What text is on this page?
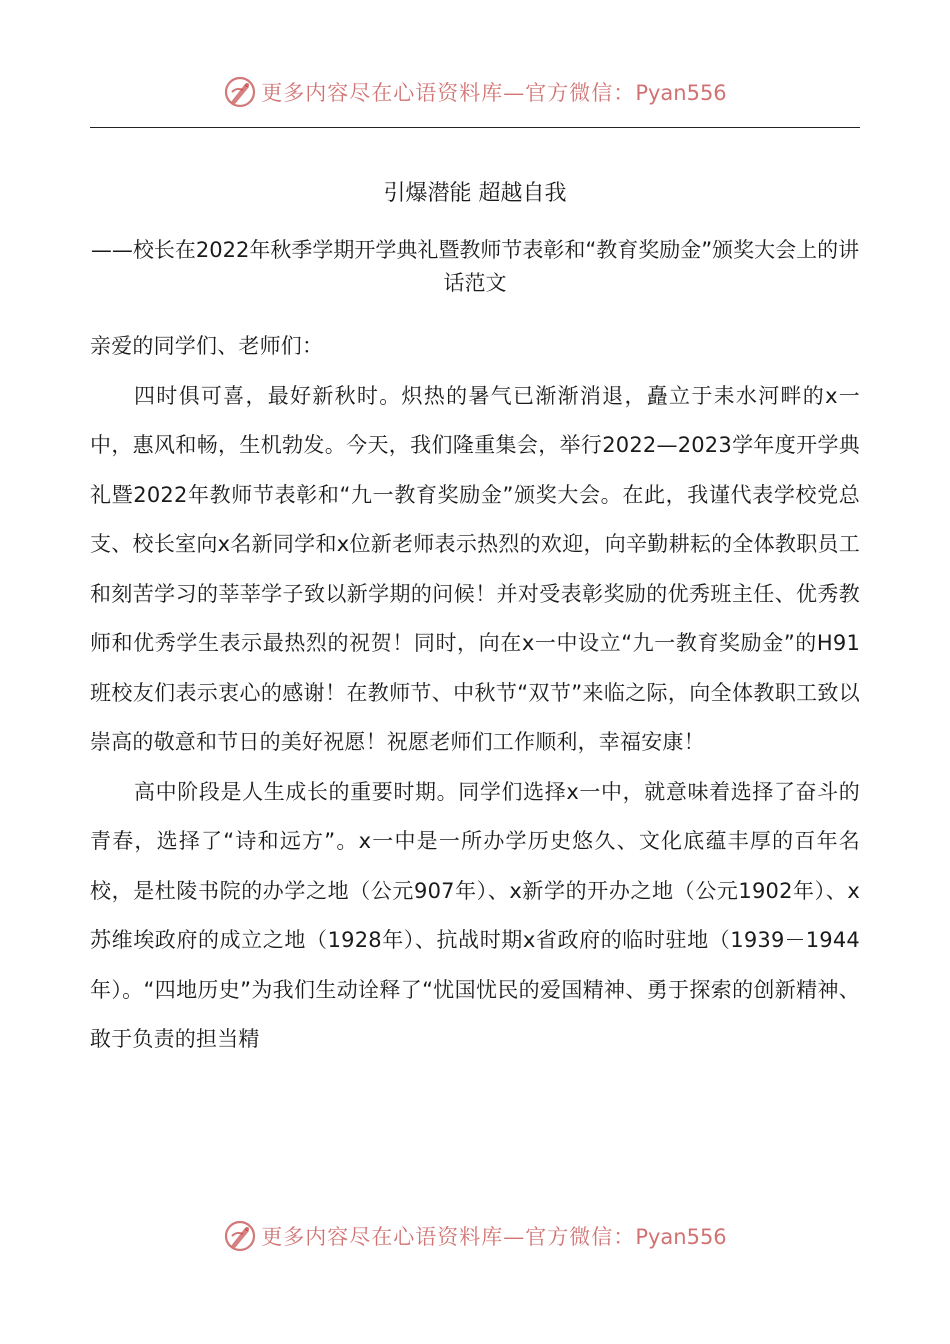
更多内容尽在心语资料库—官方微信：Pyan556
引爆潜能 超越自我
——校长在2022年秋季学期开学典礼暨教师节表彰和“教育奖励金”颁奖大会上的讲话范文

亲爱的同学们、老师们：

四时俱可喜，最好新秋时。炽热的暑气已渐渐消退，矗立于耒水河畔的x一中，惠风和畅，生机勃发。今天，我们隆重集会，举行2022—2023学年度开学典礼暨2022年教师节表彰和“九一教育奖励金”颁奖大会。在此，我谨代表学校党总支、校长室向x名新同学和x位新老师表示热烈的欢迎，向辛勤耕耘的全体教职员工和刻苦学习的莘莘学子致以新学期的问候！并对受表彰奖励的优秀班主任、优秀教师和优秀学生表示最热烈的祝贺！同时，向在x一中设立“九一教育奖励金”的H91班校友们表示衷心的感谢！在教师节、中秋节“双节”来临之际，向全体教职工致以崇高的敬意和节日的美好祝愿！祝愿老师们工作顺利，幸福安康！

高中阶段是人生成长的重要时期。同学们选择x一中，就意味着选择了奋斗的青春，选择了“诗和远方”。x一中是一所办学历史悠久、文化底蕴丰厚的百年名校，是杜陵书院的办学之地（公元907年）、x新学的开办之地（公元1902年）、x苏维埃政府的成立之地（1928年）、抗战时期x省政府的临时驻地（1939－1944年）。“四地历史”为我们生动诠释了“忧国忧民的爱国精神、勇于探索的创新精神、敢于负责的担当精

更多内容尽在心语资料库—官方微信：Pyan556
